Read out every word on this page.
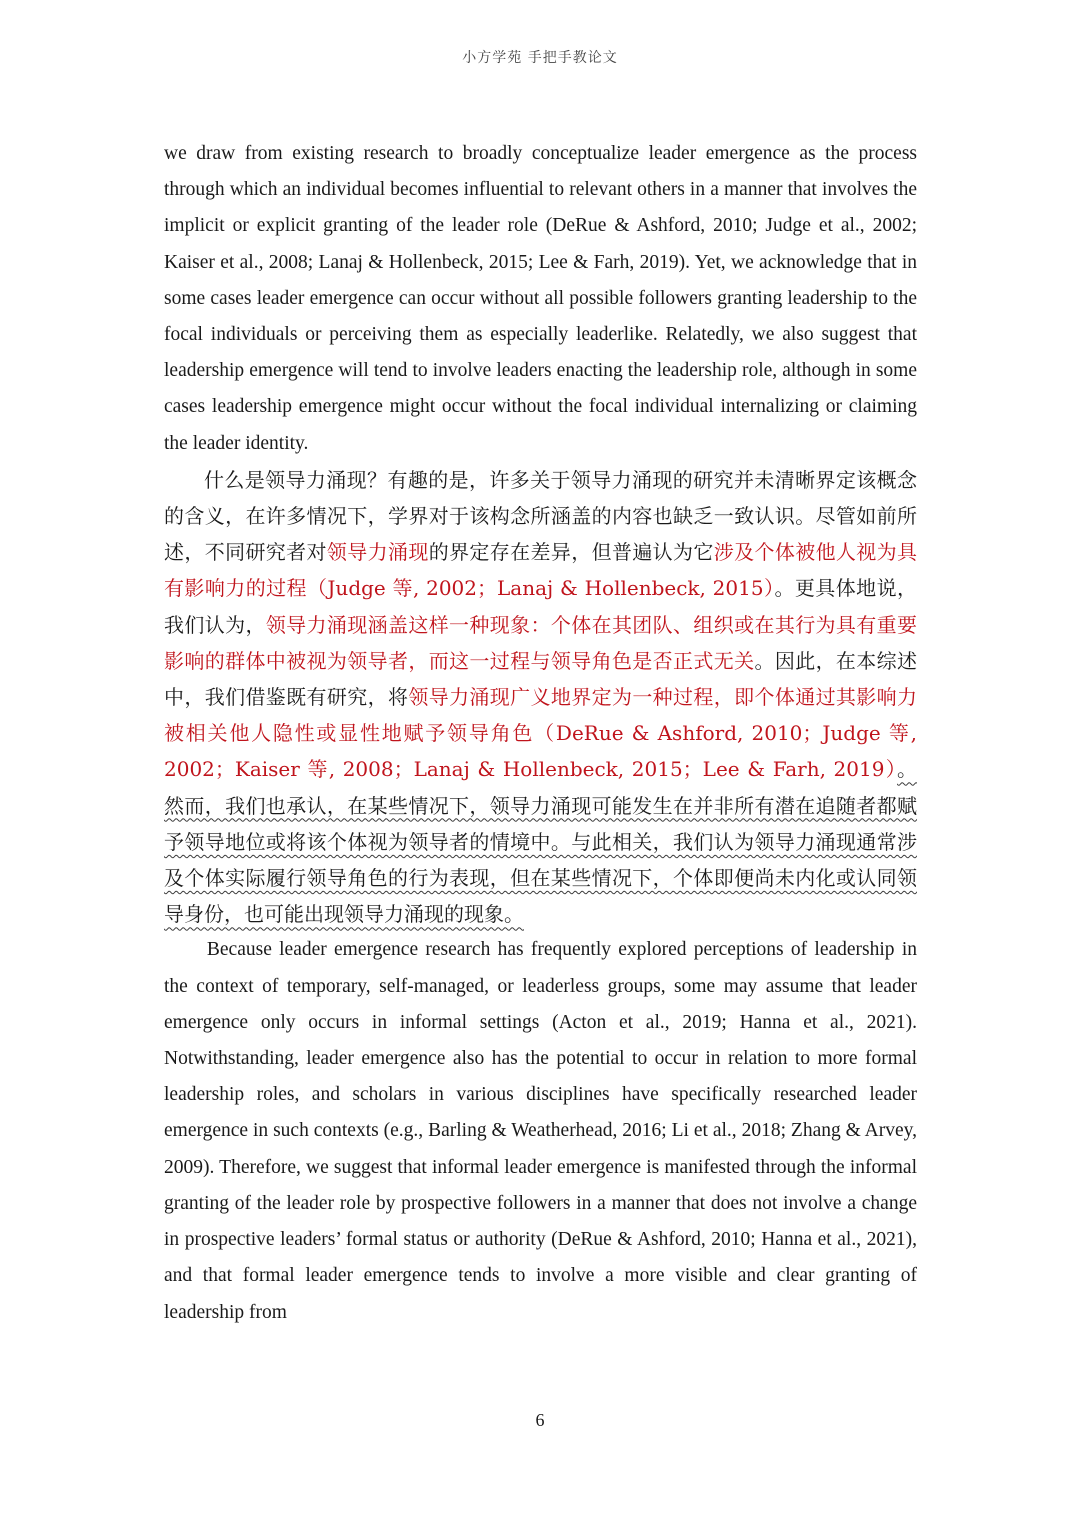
小方学苑 手把手教论文

we draw from existing research to broadly conceptualize leader emergence as the process through which an individual becomes influential to relevant others in a manner that involves the implicit or explicit granting of the leader role (DeRue & Ashford, 2010; Judge et al., 2002; Kaiser et al., 2008; Lanaj & Hollenbeck, 2015; Lee & Farh, 2019). Yet, we acknowledge that in some cases leader emergence can occur without all possible followers granting leadership to the focal individuals or perceiving them as especially leaderlike. Relatedly, we also suggest that leadership emergence will tend to involve leaders enacting the leadership role, although in some cases leadership emergence might occur without the focal individual internalizing or claiming the leader identity.

什么是领导力涌现？有趣的是，许多关于领导力涌现的研究并未清晰界定该概念的含义，在许多情况下，学界对于该构念所涵盖的内容也缺乏一致认识。尽管如前所述，不同研究者对领导力涌现的界定存在差异，但普遍认为它涉及个体被他人视为具有影响力的过程（Judge 等, 2002；Lanaj & Hollenbeck, 2015）。更具体地说，我们认为，领导力涌现涵盖这样一种现象：个体在其团队、组织或在其行为具有重要影响的群体中被视为领导者，而这一过程与领导角色是否正式无关。因此，在本综述中，我们借鉴既有研究，将领导力涌现广义地界定为一种过程，即个体通过其影响力被相关他人隐性或显性地赋予领导角色（DeRue & Ashford, 2010；Judge 等, 2002；Kaiser 等, 2008；Lanaj & Hollenbeck, 2015；Lee & Farh, 2019）。然而，我们也承认，在某些情况下，领导力涌现可能发生在并非所有潜在追随者都赋予领导地位或将该个体视为领导者的情境中。与此相关，我们认为领导力涌现通常涉及个体实际履行领导角色的行为表现，但在某些情况下，个体即便尚未内化或认同领导身份，也可能出现领导力涌现的现象。

Because leader emergence research has frequently explored perceptions of leadership in the context of temporary, self-managed, or leaderless groups, some may assume that leader emergence only occurs in informal settings (Acton et al., 2019; Hanna et al., 2021). Notwithstanding, leader emergence also has the potential to occur in relation to more formal leadership roles, and scholars in various disciplines have specifically researched leader emergence in such contexts (e.g., Barling & Weatherhead, 2016; Li et al., 2018; Zhang & Arvey, 2009). Therefore, we suggest that informal leader emergence is manifested through the informal granting of the leader role by prospective followers in a manner that does not involve a change in prospective leaders’ formal status or authority (DeRue & Ashford, 2010; Hanna et al., 2021), and that formal leader emergence tends to involve a more visible and clear granting of leadership from

6
